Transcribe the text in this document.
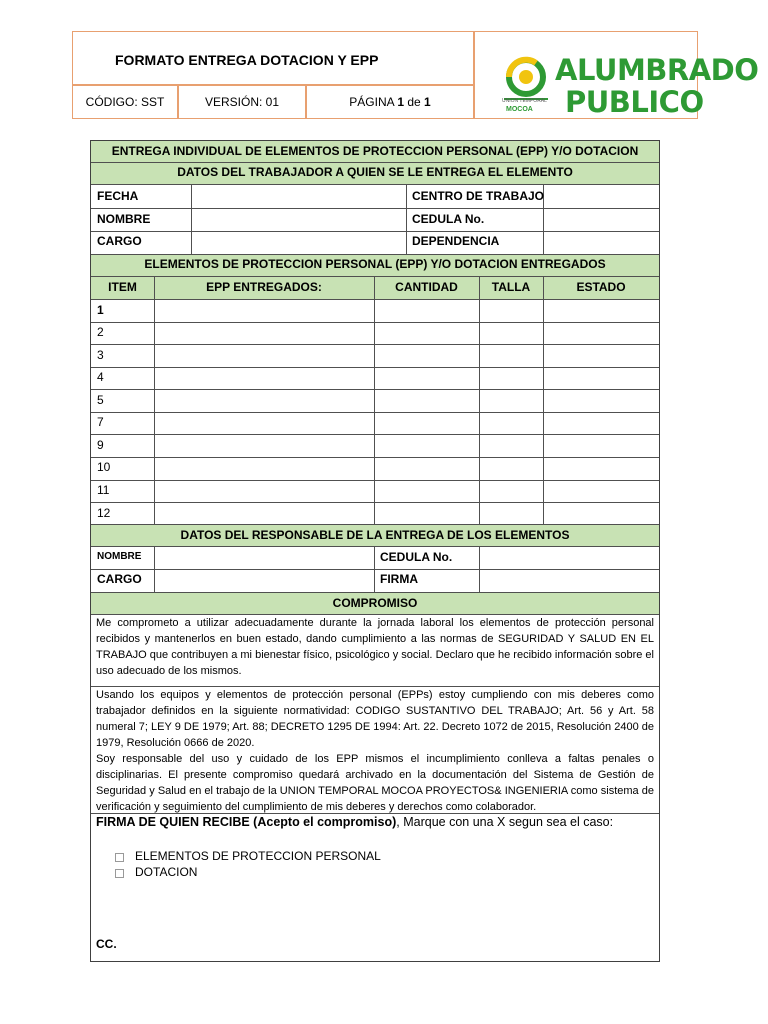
FORMATO ENTREGA DOTACION Y EPP
CÓDIGO: SST	VERSIÓN: 01	PÁGINA 1 de 1	UNION TEMPORAL
MOCOA
ALUMBRADO
PUBLICO
ENTREGA INDIVIDUAL DE ELEMENTOS DE PROTECCION PERSONAL (EPP) Y/O DOTACION
DATOS DEL TRABAJADOR A QUIEN SE LE ENTREGA EL ELEMENTO
FECHA	CENTRO DE TRABAJO
NOMBRE	CEDULA No.
CARGO	DEPENDENCIA
ELEMENTOS DE PROTECCION PERSONAL (EPP) Y/O DOTACION ENTREGADOS
ITEM	EPP ENTREGADOS:	CANTIDAD	TALLA	ESTADO
1
2
3
4
5
7
9
10
11
12
DATOS DEL RESPONSABLE DE LA ENTREGA DE LOS ELEMENTOS
NOMBRE	CEDULA No.
CARGO	FIRMA
COMPROMISO
Me comprometo a utilizar adecuadamente durante la jornada laboral los elementos de protección personal recibidos y mantenerlos en buen estado, dando cumplimiento a las normas de SEGURIDAD Y SALUD EN EL TRABAJO que contribuyen a mi bienestar físico, psicológico y social. Declaro que he recibido información sobre el uso adecuado de los mismos.
Usando los equipos y elementos de protección personal (EPPs) estoy cumpliendo con mis deberes como trabajador definidos en la siguiente normatividad: CODIGO SUSTANTIVO DEL TRABAJO; Art. 56 y Art. 58 numeral 7; LEY 9 DE 1979; Art. 88; DECRETO 1295 DE 1994: Art. 22. Decreto 1072 de 2015, Resolución 2400 de 1979, Resolución 0666 de 2020.
Soy responsable del uso y cuidado de los EPP mismos el incumplimiento conlleva a faltas penales o disciplinarias. El presente compromiso quedará archivado en la documentación del Sistema de Gestión de Seguridad y Salud en el trabajo de la UNION TEMPORAL MOCOA PROYECTOS& INGENIERIA como sistema de verificación y seguimiento del cumplimiento de mis deberes y derechos como colaborador.
FIRMA DE QUIEN RECIBE (Acepto el compromiso), Marque con una X segun sea el caso:
ELEMENTOS DE PROTECCION PERSONAL
DOTACION
CC.
